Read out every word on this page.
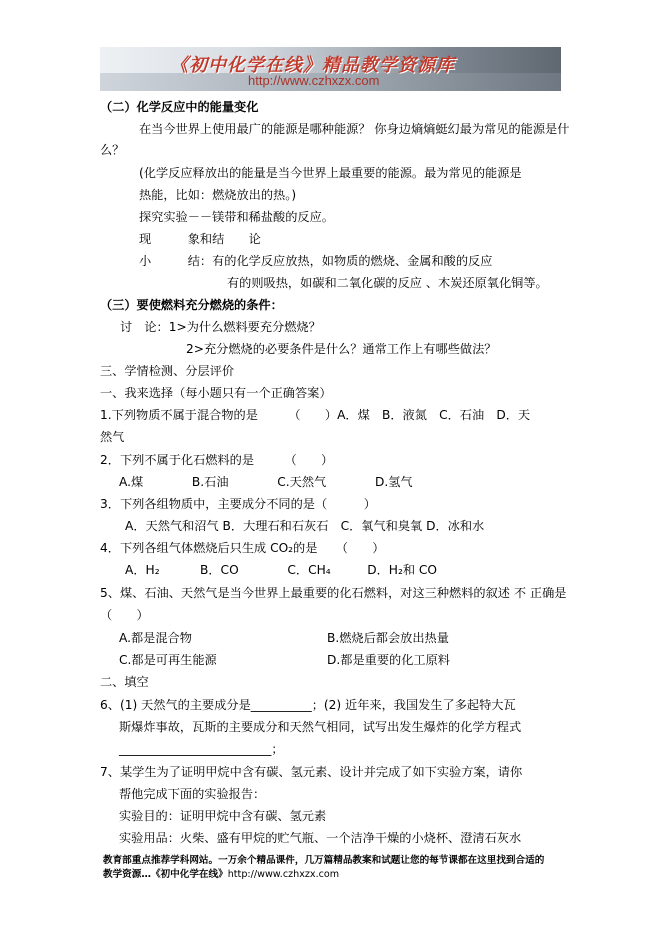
《初中化学在线》精品教学资源库
http://www.czhxzx.com
（二）化学反应中的能量变化
在当今世界上使用最广的能源是哪种能源？ 你身边熵熵蜓幻最为常见的能源是什
么？
(化学反应释放出的能量是当今世界上最重要的能源。最为常见的能源是
热能，比如：燃烧放出的热。)
探究实验－－镁带和稀盐酸的反应。
现　　　象和结　　论
小　　　结：有的化学反应放热，如物质的燃烧、金属和酸的反应
有的则吸热，如碳和二氧化碳的反应 、木炭还原氧化铜等。
（三）要使燃料充分燃烧的条件：
讨　论：1>为什么燃料要充分燃烧？
2>充分燃烧的必要条件是什么？通常工作上有哪些做法？
三、学情检测、分层评价
一、我来选择（每小题只有一个正确答案）
1.下列物质不属于混合物的是　　　（　　）A．煤　B．液氮　C．石油　D．天
然气
2．下列不属于化石燃料的是　　　（　　）
A.煤　　　　B.石油　　　　C.天然气　　　　D.氢气
3．下列各组物质中，主要成分不同的是（　　　）
A．天然气和沼气 B．大理石和石灰石　C．氧气和臭氧 D．冰和水
4．下列各组气体燃烧后只生成 CO₂的是　　（　　）
A．H₂　　　 B．CO　　　　C．CH₄　　　D．H₂和 CO
5、煤、石油、天然气是当今世界上最重要的化石燃料，对这三种燃料的叙述 不 正确是
（　　）
A.都是混合物	B.燃烧后都会放出热量
C.都是可再生能源	D.都是重要的化工原料
二、填空
6、(1) 天然气的主要成分是__________；(2) 近年来，我国发生了多起特大瓦
斯爆炸事故，瓦斯的主要成分和天然气相同，试写出发生爆炸的化学方程式
_________________________；
7、某学生为了证明甲烷中含有碳、氢元素、设计并完成了如下实验方案，请你
帮他完成下面的实验报告：
实验目的：证明甲烷中含有碳、氢元素
实验用品：火柴、盛有甲烷的贮气瓶、一个洁净干燥的小烧杯、澄清石灰水
教育部重点推荐学科网站。一万余个精品课件，几万篇精品教案和试题让您的每节课都在这里找到合适的
教学资源…《初中化学在线》http://www.czhxzx.com
